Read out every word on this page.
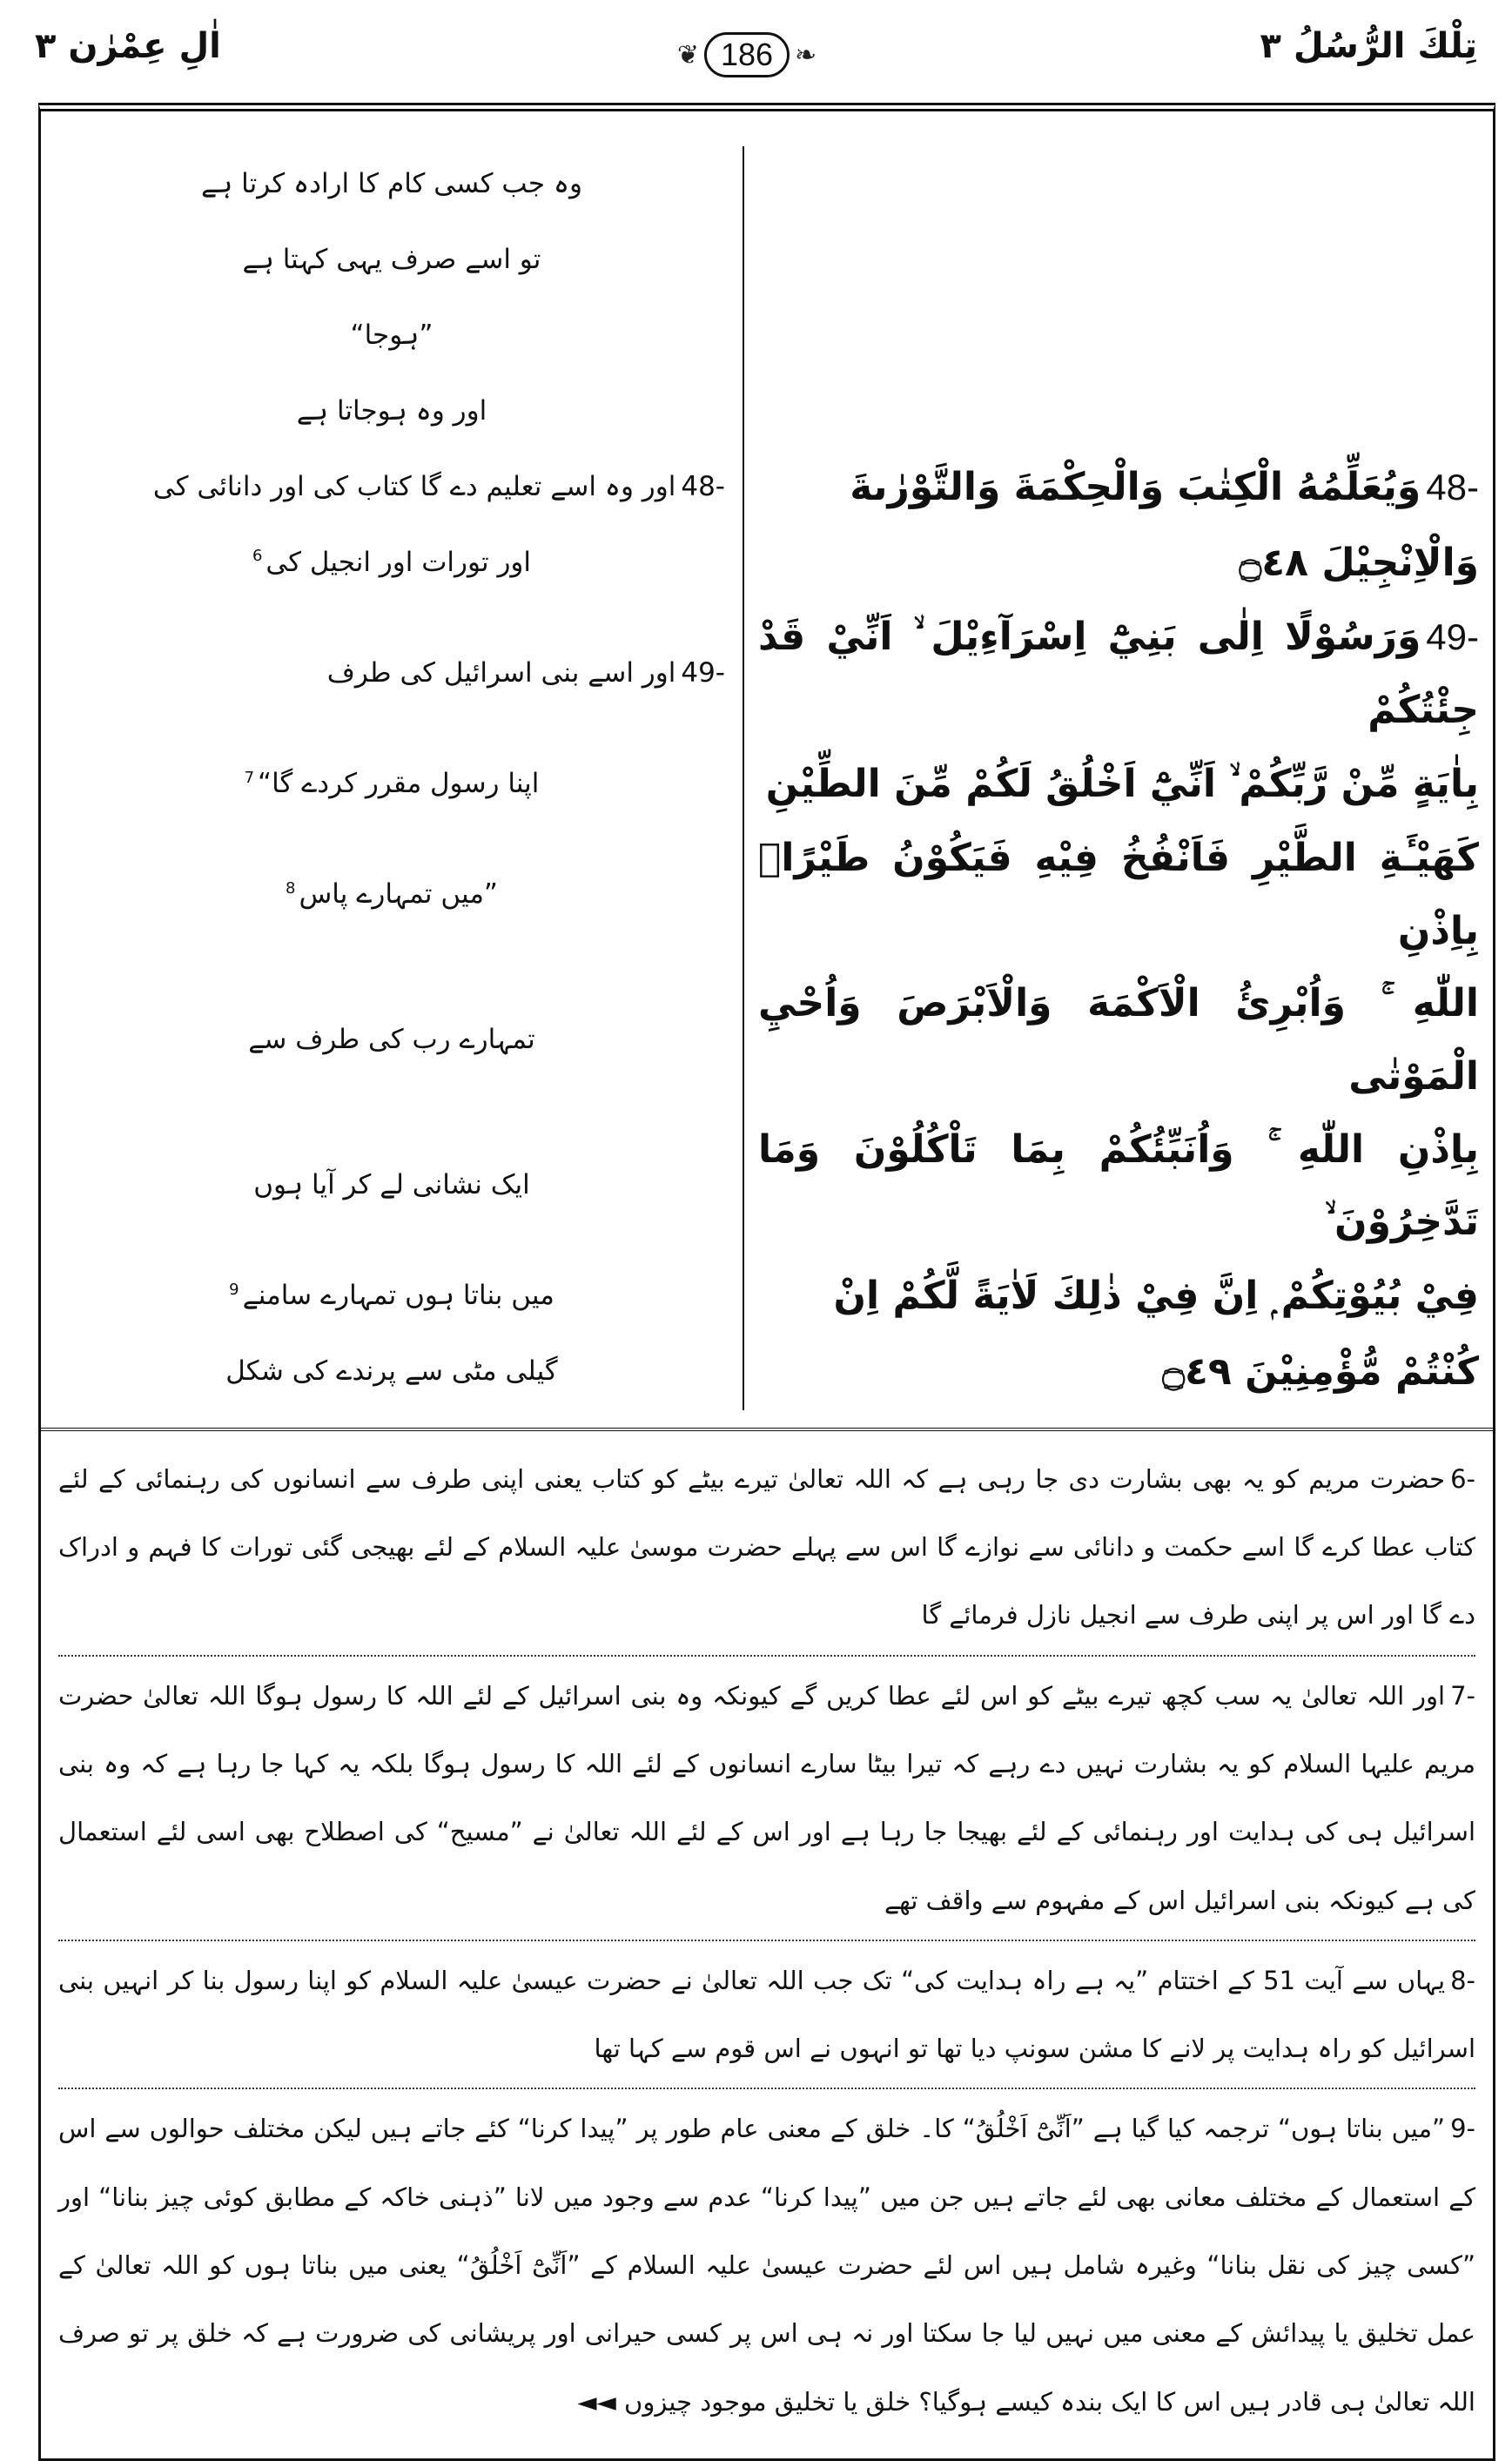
تِلْكَ الرُّسُلُ ٣
❦ 186 ❧
اٰلِ عِمْرٰن ٣
وہ جب کسی کام کا ارادہ کرتا ہے
تو اسے صرف یہی کہتا ہے
”ہوجا“
اور وہ ہوجاتا ہے
48-وَيُعَلِّمُهُ الْكِتٰبَ وَالْحِكْمَةَ وَالتَّوْرٰىةَ
48-اور وہ اسے تعلیم دے گا کتاب کی اور دانائی کی
وَالْاِنْجِيْلَ ۝٤٨
اور تورات اور انجیل کی$^6$
49-وَرَسُوْلًا اِلٰى بَنِيْٓ اِسْرَآءِيْلَ ۙ اَنِّيْ قَدْ جِئْتُكُمْ
49-اور اسے بنی اسرائیل کی طرف
بِاٰيَةٍ مِّنْ رَّبِّكُمْ ۙ اَنِّيْٓ اَخْلُقُ لَكُمْ مِّنَ الطِّيْنِ
اپنا رسول مقرر کردے گا“$^7$
كَهَيْـَٔةِ الطَّيْرِ فَاَنْفُخُ فِيْهِ فَيَكُوْنُ طَيْرًاۢ بِاِذْنِ
”میں تمہارے پاس$^8$
اللّٰهِ ۚ وَاُبْرِئُ الْاَكْمَهَ وَالْاَبْرَصَ وَاُحْيِ الْمَوْتٰى
تمہارے رب کی طرف سے
بِاِذْنِ اللّٰهِ ۚ وَاُنَبِّئُكُمْ بِمَا تَاْكُلُوْنَ وَمَا تَدَّخِرُوْنَ ۙ
ایک نشانی لے کر آیا ہوں
فِيْ بُيُوْتِكُمْ ۭ اِنَّ فِيْ ذٰلِكَ لَاٰيَةً لَّكُمْ اِنْ
میں بناتا ہوں تمہارے سامنے$^9$
كُنْتُمْ مُّؤْمِنِيْنَ ۝٤٩
گیلی مٹی سے پرندے کی شکل
6-حضرت مریم کو یہ بھی بشارت دی جا رہی ہے کہ اللہ تعالیٰ تیرے بیٹے کو کتاب یعنی اپنی طرف سے انسانوں کی رہنمائی کے لئے کتاب عطا کرے گا اسے حکمت و دانائی سے نوازے گا اس سے پہلے حضرت موسیٰ علیہ السلام کے لئے بھیجی گئی تورات کا فہم و ادراک دے گا اور اس پر اپنی طرف سے انجیل نازل فرمائے گا
7-اور اللہ تعالیٰ یہ سب کچھ تیرے بیٹے کو اس لئے عطا کریں گے کیونکہ وہ بنی اسرائیل کے لئے اللہ کا رسول ہوگا اللہ تعالیٰ حضرت مریم علیہا السلام کو یہ بشارت نہیں دے رہے کہ تیرا بیٹا سارے انسانوں کے لئے اللہ کا رسول ہوگا بلکہ یہ کہا جا رہا ہے کہ وہ بنی اسرائیل ہی کی ہدایت اور رہنمائی کے لئے بھیجا جا رہا ہے اور اس کے لئے اللہ تعالیٰ نے ”مسیح“ کی اصطلاح بھی اسی لئے استعمال کی ہے کیونکہ بنی اسرائیل اس کے مفہوم سے واقف تھے
8-یہاں سے آیت 51 کے اختتام ”یہ ہے راہ ہدایت کی“ تک جب اللہ تعالیٰ نے حضرت عیسیٰ علیہ السلام کو اپنا رسول بنا کر انہیں بنی اسرائیل کو راہ ہدایت پر لانے کا مشن سونپ دیا تھا تو انہوں نے اس قوم سے کہا تھا
9-”میں بناتا ہوں“ ترجمہ کیا گیا ہے ”اَنِّیْٓ اَخْلُقُ“ کا۔ خلق کے معنی عام طور پر ”پیدا کرنا“ کئے جاتے ہیں لیکن مختلف حوالوں سے اس کے استعمال کے مختلف معانی بھی لئے جاتے ہیں جن میں ”پیدا کرنا“ عدم سے وجود میں لانا ”ذہنی خاکہ کے مطابق کوئی چیز بنانا“ اور ”کسی چیز کی نقل بنانا“ وغیرہ شامل ہیں اس لئے حضرت عیسیٰ علیہ السلام کے ”اَنِّیْٓ اَخْلُقُ“ یعنی میں بناتا ہوں کو اللہ تعالیٰ کے عمل تخلیق یا پیدائش کے معنی میں نہیں لیا جا سکتا اور نہ ہی اس پر کسی حیرانی اور پریشانی کی ضرورت ہے کہ خلق پر تو صرف اللہ تعالیٰ ہی قادر ہیں اس کا ایک بندہ کیسے ہوگیا؟ خلق یا تخلیق موجود چیزوں ◄◄
